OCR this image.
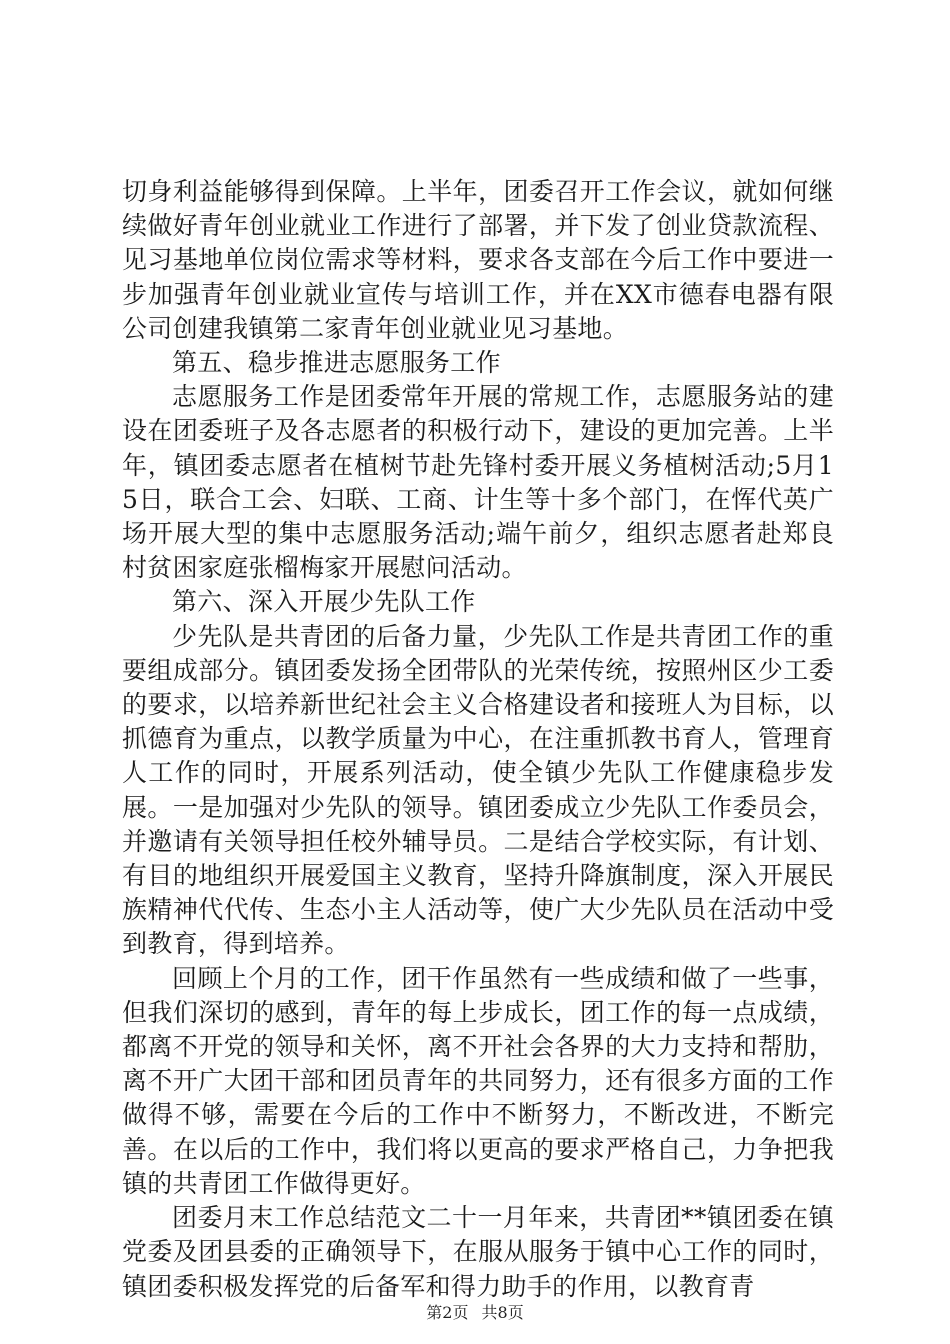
切身利益能够得到保障。上半年，团委召开工作会议，就如何继续做好青年创业就业工作进行了部署，并下发了创业贷款流程、见习基地单位岗位需求等材料，要求各支部在今后工作中要进一步加强青年创业就业宣传与培训工作，并在XX市德春电器有限公司创建我镇第二家青年创业就业见习基地。

第五、稳步推进志愿服务工作

志愿服务工作是团委常年开展的常规工作，志愿服务站的建设在团委班子及各志愿者的积极行动下，建设的更加完善。上半年，镇团委志愿者在植树节赴先锋村委开展义务植树活动;5月15日，联合工会、妇联、工商、计生等十多个部门，在恽代英广场开展大型的集中志愿服务活动;端午前夕，组织志愿者赴郑良村贫困家庭张榴梅家开展慰问活动。

第六、深入开展少先队工作

少先队是共青团的后备力量，少先队工作是共青团工作的重要组成部分。镇团委发扬全团带队的光荣传统，按照州区少工委的要求，以培养新世纪社会主义合格建设者和接班人为目标，以抓德育为重点，以教学质量为中心，在注重抓教书育人，管理育人工作的同时，开展系列活动，使全镇少先队工作健康稳步发展。一是加强对少先队的领导。镇团委成立少先队工作委员会，并邀请有关领导担任校外辅导员。二是结合学校实际，有计划、有目的地组织开展爱国主义教育，坚持升降旗制度，深入开展民族精神代代传、生态小主人活动等，使广大少先队员在活动中受到教育，得到培养。

回顾上个月的工作，团干作虽然有一些成绩和做了一些事，但我们深切的感到，青年的每上步成长，团工作的每一点成绩，都离不开党的领导和关怀，离不开社会各界的大力支持和帮肋，离不开广大团干部和团员青年的共同努力，还有很多方面的工作做得不够，需要在今后的工作中不断努力，不断改进，不断完善。在以后的工作中，我们将以更高的要求严格自己，力争把我镇的共青团工作做得更好。

团委月末工作总结范文二十一月年来，共青团**镇团委在镇党委及团县委的正确领导下，在服从服务于镇中心工作的同时，镇团委积极发挥党的后备军和得力助手的作用，以教育青

第2页 共8页
